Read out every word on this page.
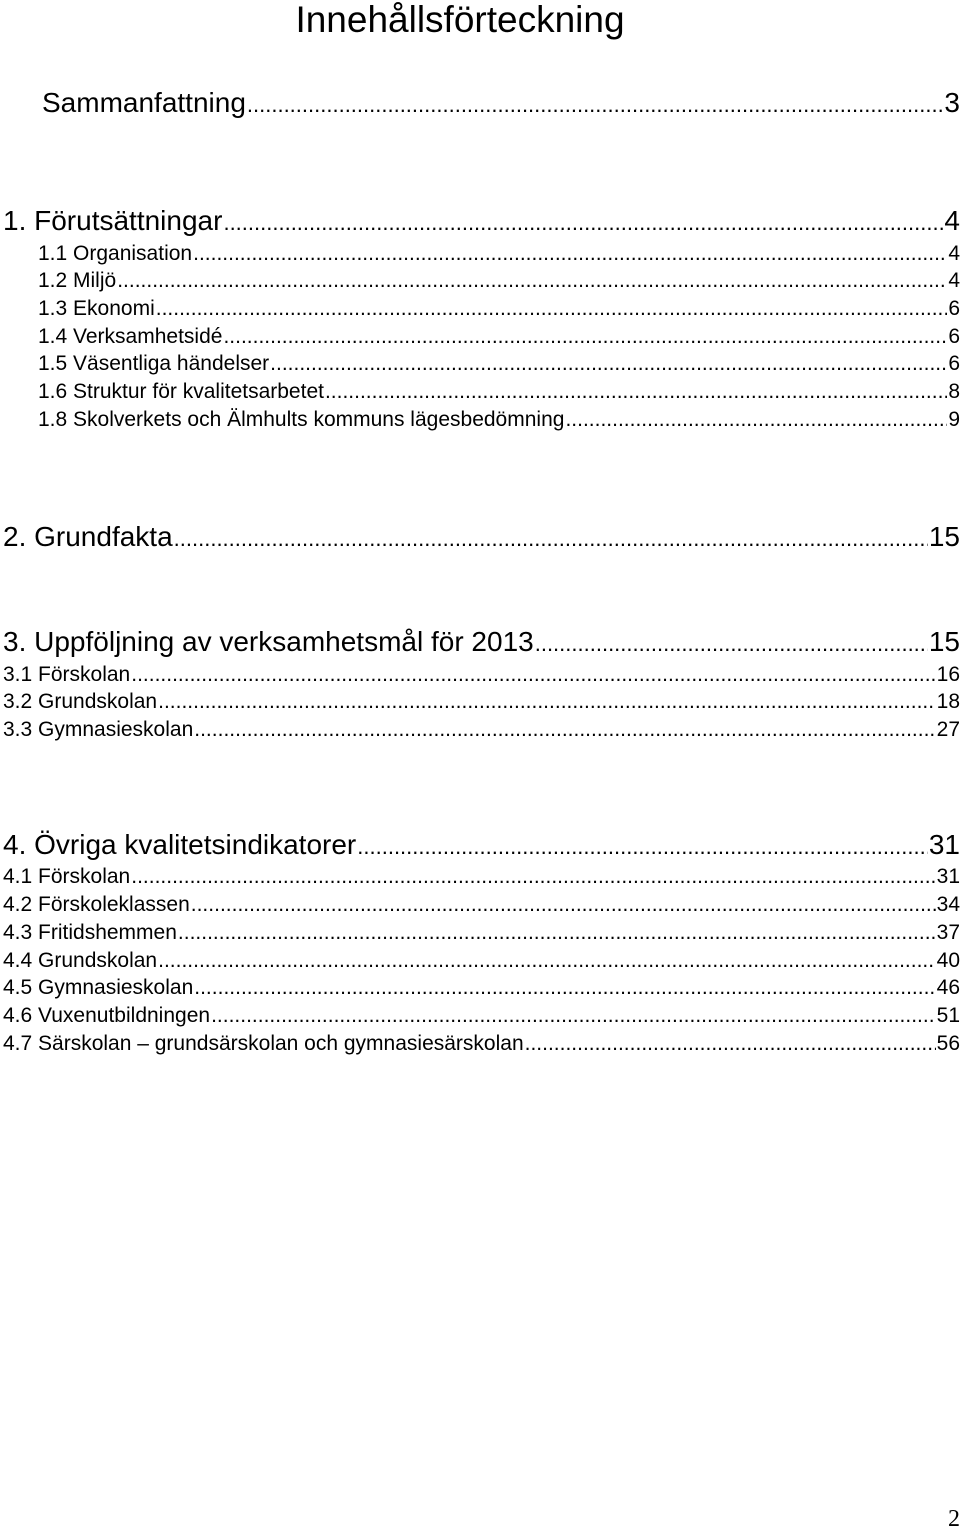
Innehållsförteckning
Sammanfattning .....	3
1. Förutsättningar .....	4
1.1 Organisation .....	4
1.2 Miljö .....	4
1.3 Ekonomi .....	6
1.4 Verksamhetsidé .....	6
1.5 Väsentliga händelser .....	6
1.6 Struktur för kvalitetsarbetet .....	8
1.8 Skolverkets och Älmhults kommuns lägesbedömning .....	9
2. Grundfakta .....	15
3. Uppföljning av verksamhetsmål för 2013 .....	15
3.1 Förskolan .....	16
3.2 Grundskolan .....	18
3.3 Gymnasieskolan .....	27
4. Övriga kvalitetsindikatorer .....	31
4.1 Förskolan .....	31
4.2 Förskoleklassen .....	34
4.3 Fritidshemmen .....	37
4.4 Grundskolan .....	40
4.5 Gymnasieskolan .....	46
4.6 Vuxenutbildningen .....	51
4.7 Särskolan – grundsärskolan och gymnasiesärskolan .....	56
2
